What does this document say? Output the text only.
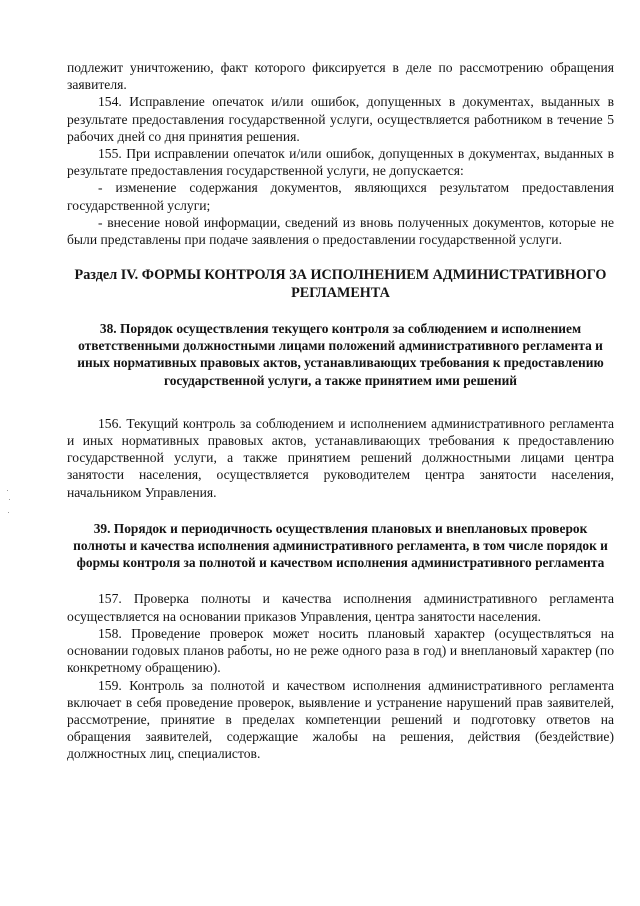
подлежит уничтожению, факт которого фиксируется в деле по рассмотрению обращения заявителя.

154. Исправление опечаток и/или ошибок, допущенных в документах, выданных в результате предоставления государственной услуги, осуществляется работником в течение 5 рабочих дней со дня принятия решения.

155. При исправлении опечаток и/или ошибок, допущенных в документах, выданных в результате предоставления государственной услуги, не допускается:

- изменение содержания документов, являющихся результатом предоставления государственной услуги;

- внесение новой информации, сведений из вновь полученных документов, которые не были представлены при подаче заявления о предоставлении государственной услуги.

Раздел IV. ФОРМЫ КОНТРОЛЯ ЗА ИСПОЛНЕНИЕМ АДМИНИСТРАТИВНОГО РЕГЛАМЕНТА
38. Порядок осуществления текущего контроля за соблюдением и исполнением ответственными должностными лицами положений административного регламента и иных нормативных правовых актов, устанавливающих требования к предоставлению государственной услуги, а также принятием ими решений

156. Текущий контроль за соблюдением и исполнением административного регламента и иных нормативных правовых актов, устанавливающих требования к предоставлению государственной услуги, а также принятием решений должностными лицами центра занятости населения, осуществляется руководителем центра занятости населения, начальником Управления.

39. Порядок и периодичность осуществления плановых и внеплановых проверок полноты и качества исполнения административного регламента, в том числе порядок и формы контроля за полнотой и качеством исполнения административного регламента

157. Проверка полноты и качества исполнения административного регламента осуществляется на основании приказов Управления, центра занятости населения.

158. Проведение проверок может носить плановый характер (осуществляться на основании годовых планов работы, но не реже одного раза в год) и внеплановый характер (по конкретному обращению).

159. Контроль за полнотой и качеством исполнения административного регламента включает в себя проведение проверок, выявление и устранение нарушений прав заявителей, рассмотрение, принятие в пределах компетенции решений и подготовку ответов на обращения заявителей, содержащие жалобы на решения, действия (бездействие) должностных лиц, специалистов.
